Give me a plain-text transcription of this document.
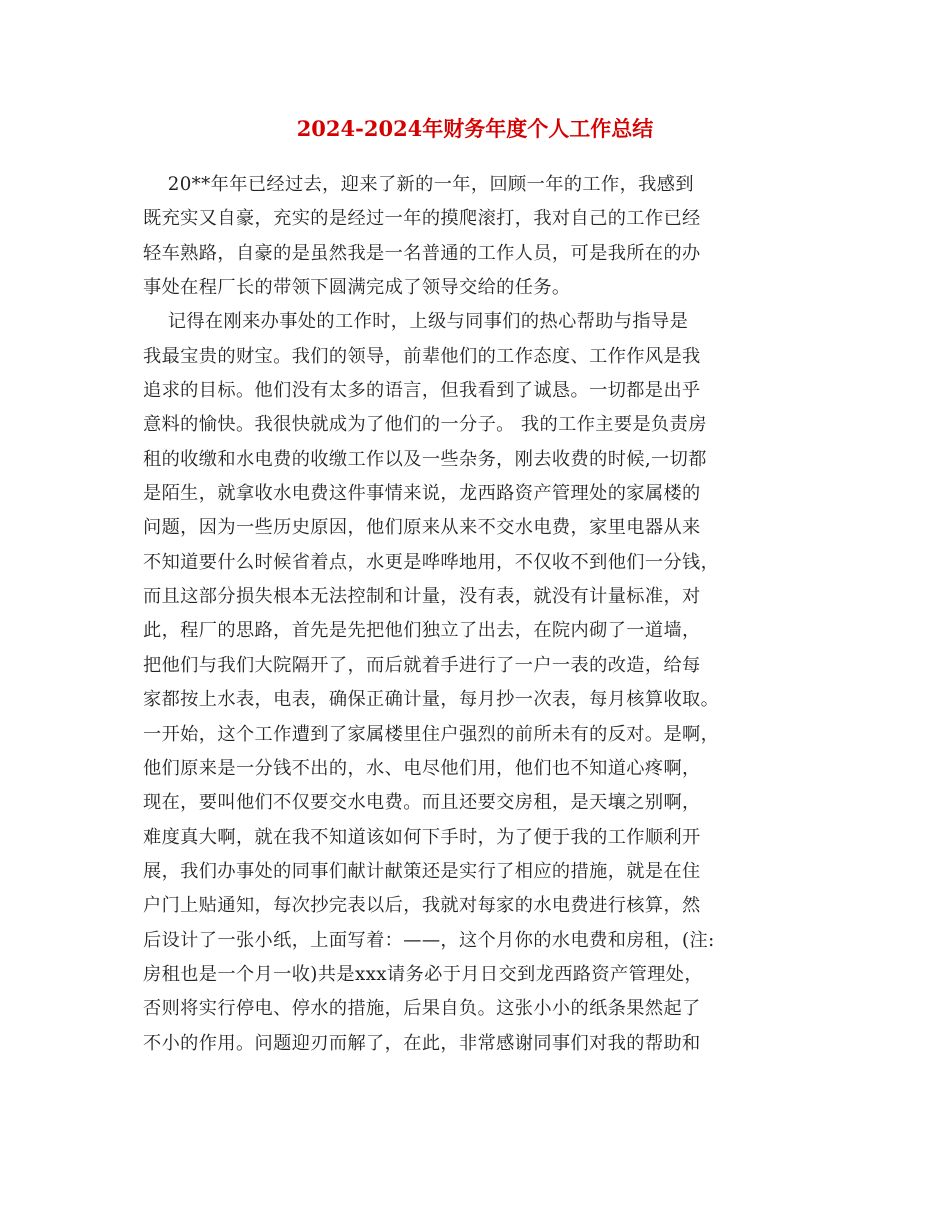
2024-2024年财务年度个人工作总结
20**年年已经过去，迎来了新的一年，回顾一年的工作，我感到
既充实又自豪，充实的是经过一年的摸爬滚打，我对自己的工作已经
轻车熟路，自豪的是虽然我是一名普通的工作人员，可是我所在的办
事处在程厂长的带领下圆满完成了领导交给的任务。
记得在刚来办事处的工作时，上级与同事们的热心帮助与指导是
我最宝贵的财宝。我们的领导，前辈他们的工作态度、工作作风是我
追求的目标。他们没有太多的语言，但我看到了诚恳。一切都是出乎
意料的愉快。我很快就成为了他们的一分子。 我的工作主要是负责房
租的收缴和水电费的收缴工作以及一些杂务，刚去收费的时候,一切都
是陌生，就拿收水电费这件事情来说，龙西路资产管理处的家属楼的
问题，因为一些历史原因，他们原来从来不交水电费，家里电器从来
不知道要什么时候省着点，水更是哗哗地用，不仅收不到他们一分钱，
而且这部分损失根本无法控制和计量，没有表，就没有计量标准，对
此，程厂的思路，首先是先把他们独立了出去，在院内砌了一道墙，
把他们与我们大院隔开了，而后就着手进行了一户一表的改造，给每
家都按上水表，电表，确保正确计量，每月抄一次表，每月核算收取。
一开始，这个工作遭到了家属楼里住户强烈的前所未有的反对。是啊，
他们原来是一分钱不出的，水、电尽他们用，他们也不知道心疼啊，
现在，要叫他们不仅要交水电费。而且还要交房租，是天壤之别啊，
难度真大啊，就在我不知道该如何下手时，为了便于我的工作顺利开
展，我们办事处的同事们献计献策还是实行了相应的措施，就是在住
户门上贴通知，每次抄完表以后，我就对每家的水电费进行核算，然
后设计了一张小纸，上面写着：——，这个月你的水电费和房租，(注:
房租也是一个月一收)共是xxx请务必于月日交到龙西路资产管理处，
否则将实行停电、停水的措施，后果自负。这张小小的纸条果然起了
不小的作用。问题迎刃而解了，在此，非常感谢同事们对我的帮助和
